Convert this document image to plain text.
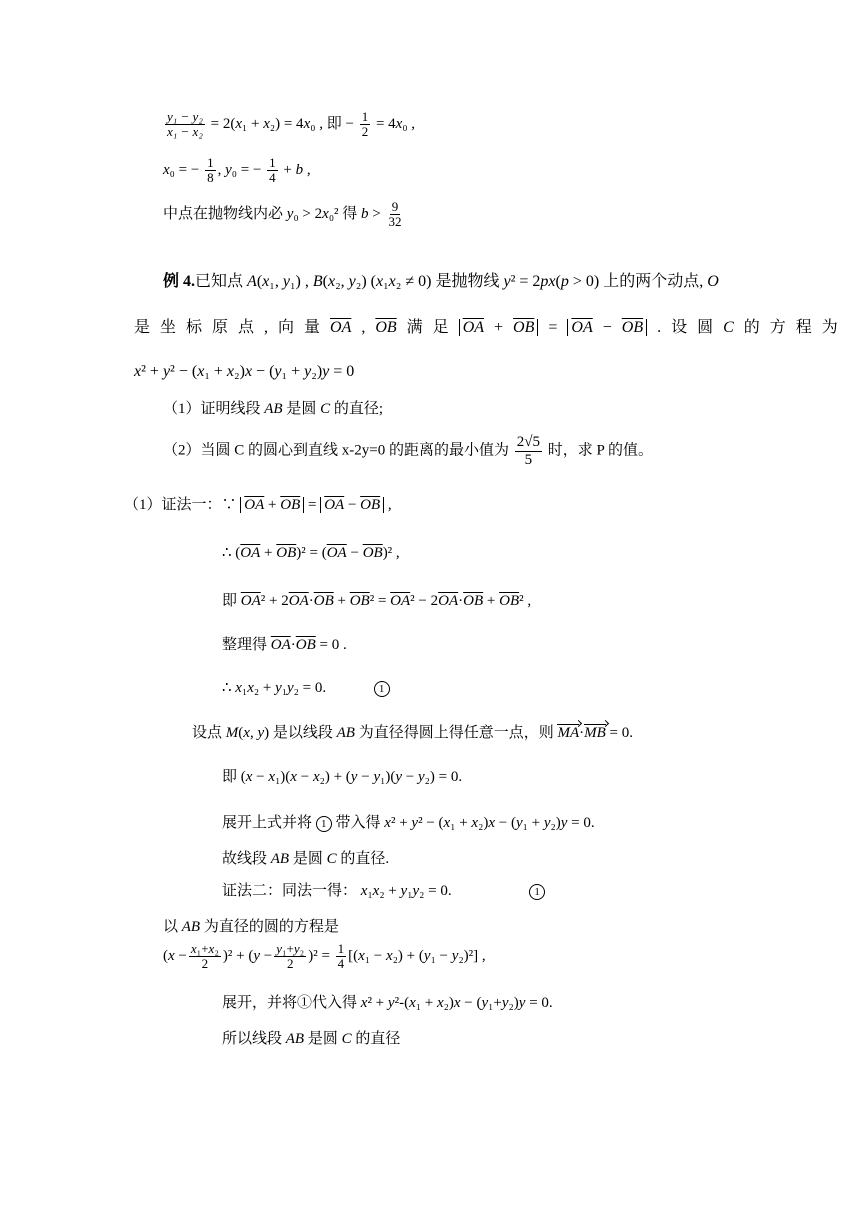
$\frac{\text{y₁ − y₂}}{\text{x₁ − x₂}} = 2(x_1 + x_2) = 4x_0$ , 即 − $\frac{1}{2} = 4x_0$ ,
x₀ = − $\frac{1}{8}$ , y₀ = − $\frac{1}{4} + b$ ,
中点在抛物线内必 y₀ > 2x₀² 得 $b > \frac{9}{32}$
例 4.已知点 A(x₁, y₁) , B(x₂, y₂) (x₁x₂ ≠ 0) 是抛物线 y² = 2px(p > 0) 上的两个动点, O
是 坐 标 原 点 , 向 量 $\overline{OA}$ , $\overline{OB}$ 满 足 $\overline{OA} + \overline{OB} = \overline{OA} - \overline{OB}$ . 设 圆 C 的 方 程 为
x² + y² − (x₁ + x₂)x − (y₁ + y₂)y = 0
（1）证明线段 AB 是圆 C 的直径;
（2）当圆 C 的圆心到直线 x-2y=0 的距离的最小值为 $\frac{2√5}{5}$ 时，求 P 的值。
（1）证法一：∵ $\overline{OA} + \overline{OB} = \overline{OA} - \overline{OB}$ ,
∴ $(\overline{OA} + \overline{OB})^2 = (\overline{OA} - \overline{OB})^2$ ,
即 $\overline{OA}^2 + 2\overline{OA}\cdot\overline{OB} + \overline{OB}^2 = \overline{OA}^2 - 2\overline{OA}\cdot\overline{OB} + \overline{OB}^2$ ,
整理得 $\overline{OA}\cdot\overline{OB} = 0$ .
∴ x₁x₂ + y₁y₂ = 0.	1
设点 M(x, y) 是以线段 AB 为直径得圆上得任意一点，则 MA·MB = 0.
即 (x − x₁)(x − x₂) + (y − y₁)(y − y₂) = 0.
展开上式并将 1 带入得 x² + y² − (x₁ + x₂)x − (y₁ + y₂)y = 0.
故线段 AB 是圆 C 的直径.
证法二：同法一得： x₁x₂ + y₁y₂ = 0.	1
以 AB 为直径的圆的方程是
$(x - \frac{\text{x₁+x₂}}{2} )^2 + (y - \frac{\text{y₁+y₂}}{2} )^2 = \frac{1}{4} [(x_1 - x_2) + (y_1 - y_2)^2]$ ,
展开，并将①代入得 x² + y²-(x₁ + x₂)x − (y₁+y₂)y = 0.
所以线段 AB 是圆 C 的直径
